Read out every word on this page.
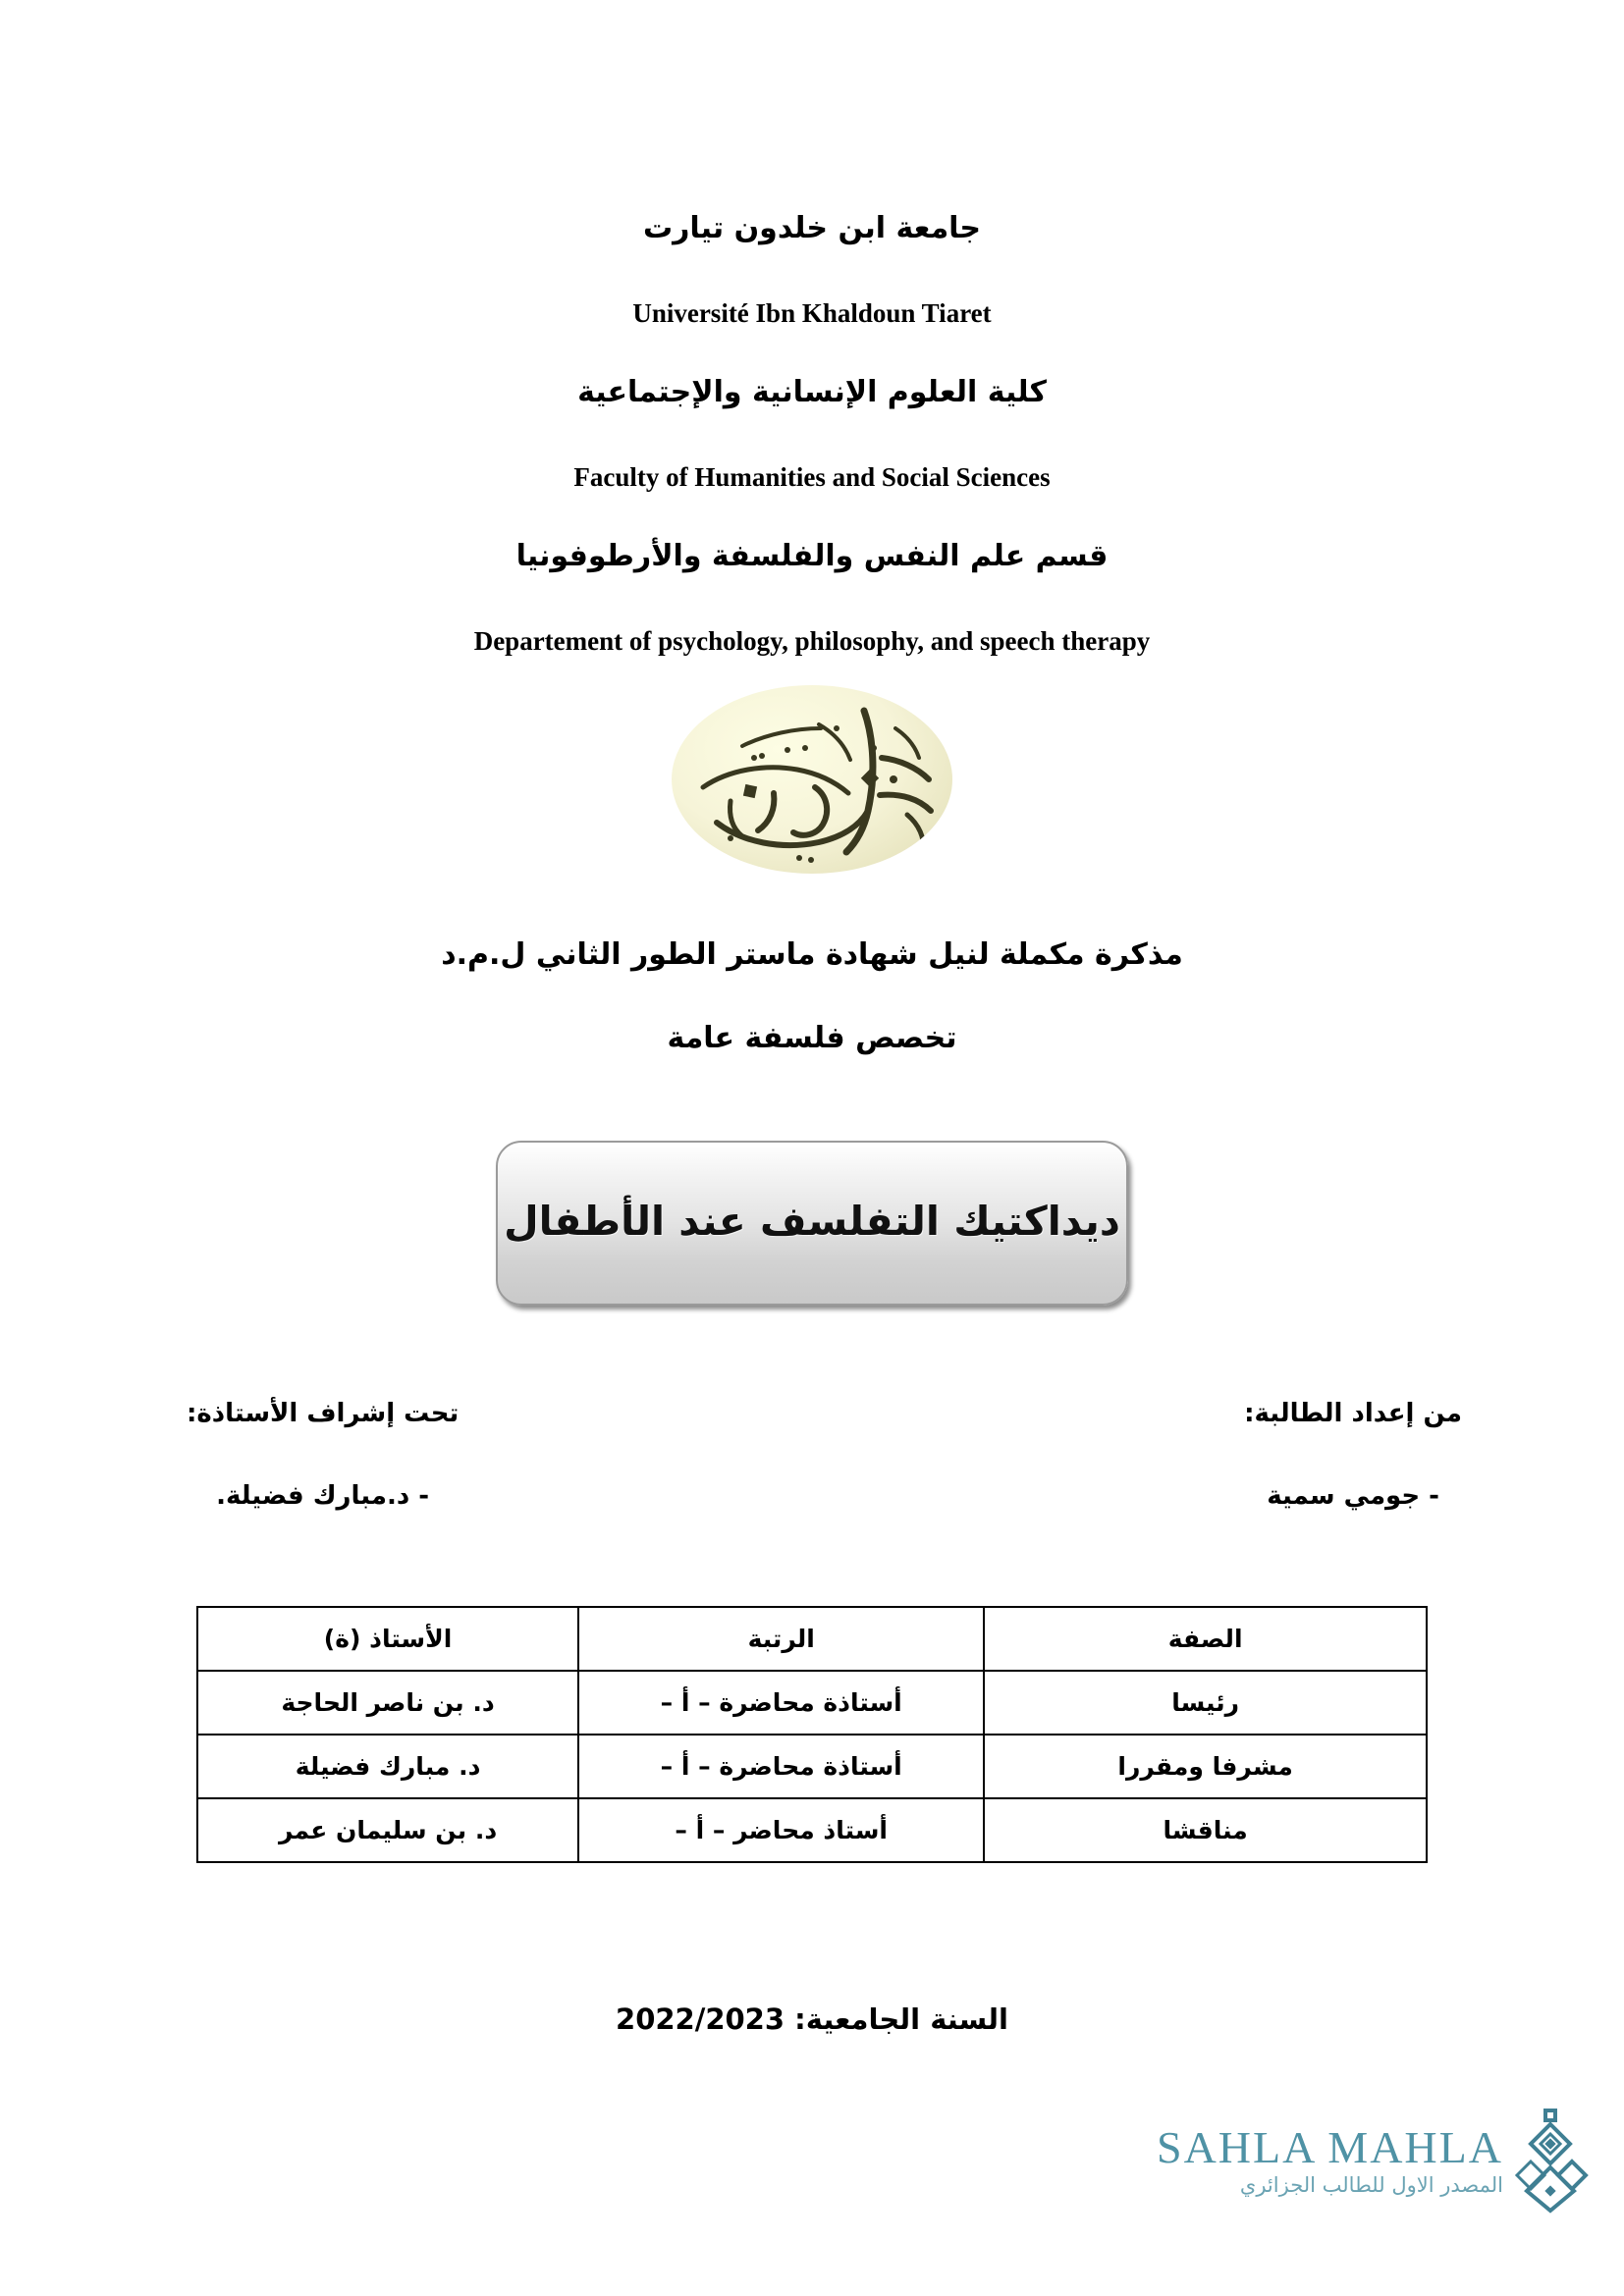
جامعة ابن خلدون تيارت
Université Ibn Khaldoun Tiaret
كلية العلوم الإنسانية والإجتماعية
Faculty of Humanities and Social Sciences
قسم علم النفس والفلسفة والأرطوفونيا
Departement of psychology, philosophy, and speech therapy
مذكرة مكملة لنيل شهادة ماستر الطور الثاني ل.م.د
تخصص فلسفة عامة
ديداكتيك التفلسف عند الأطفال
من إعداد الطالبة:
- جومي سمية
تحت إشراف الأستاذة:
- د.مبارك فضيلة.
الصفة	الرتبة	الأستاذ (ة)
رئيسا	أستاذة محاضرة – أ –	د. بن ناصر الحاجة
مشرفا ومقررا	أستاذة محاضرة – أ –	د. مبارك فضيلة
مناقشا	أستاذ محاضر – أ –	د. بن سليمان عمر
السنة الجامعية: 2022/2023
SAHLA MAHLA
المصدر الاول للطالب الجزائري
